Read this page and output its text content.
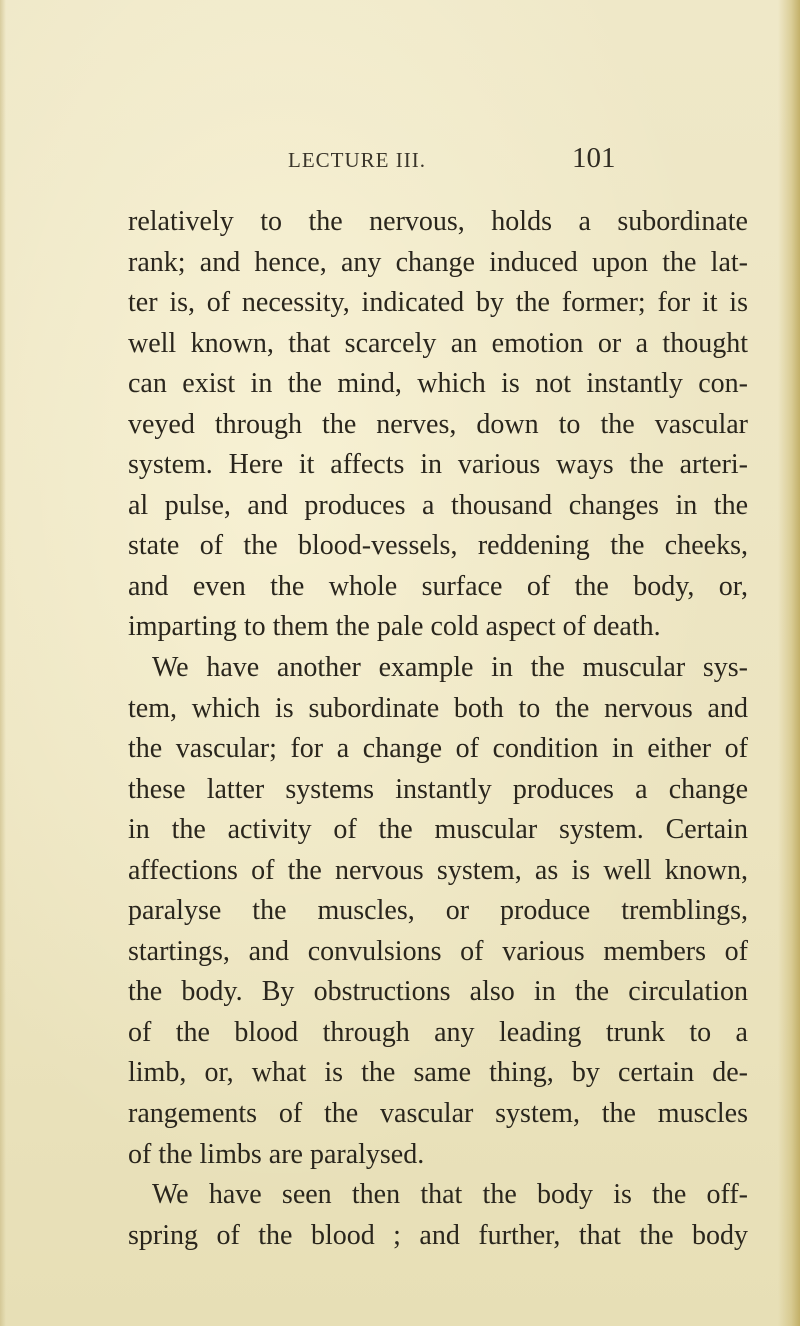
LECTURE III.	101
relatively to the nervous, holds a subordinate
rank; and hence, any change induced upon the lat-
ter is, of necessity, indicated by the former; for it is
well known, that scarcely an emotion or a thought
can exist in the mind, which is not instantly con-
veyed through the nerves, down to the vascular
system. Here it affects in various ways the arteri-
al pulse, and produces a thousand changes in the
state of the blood-vessels, reddening the cheeks,
and even the whole surface of the body, or,
imparting to them the pale cold aspect of death.
We have another example in the muscular sys-
tem, which is subordinate both to the nervous and
the vascular; for a change of condition in either of
these latter systems instantly produces a change
in the activity of the muscular system. Certain
affections of the nervous system, as is well known,
paralyse the muscles, or produce tremblings,
startings, and convulsions of various members of
the body. By obstructions also in the circulation
of the blood through any leading trunk to a
limb, or, what is the same thing, by certain de-
rangements of the vascular system, the muscles
of the limbs are paralysed.
We have seen then that the body is the off-
spring of the blood ; and further, that the body
